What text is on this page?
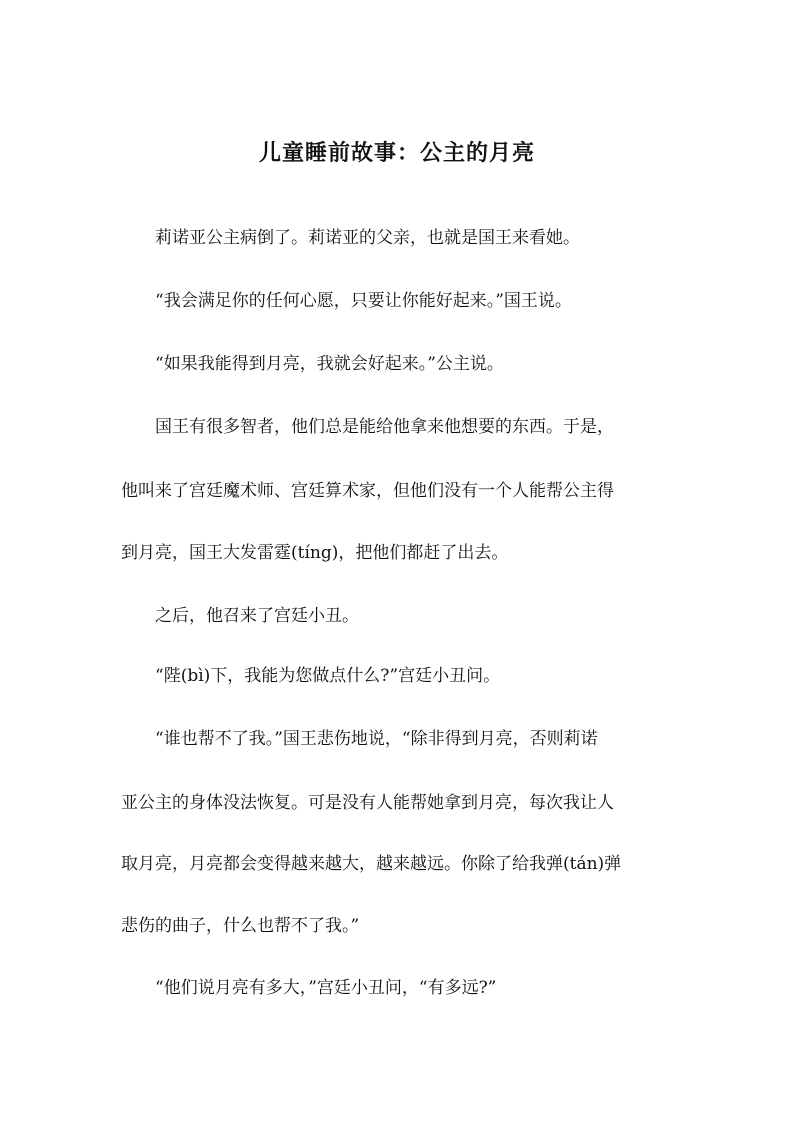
儿童睡前故事：公主的月亮
　　莉诺亚公主病倒了。莉诺亚的父亲，也就是国王来看她。
　　“我会满足你的任何心愿，只要让你能好起来。”国王说。
　　“如果我能得到月亮，我就会好起来。”公主说。
　　国王有很多智者，他们总是能给他拿来他想要的东西。于是，
他叫来了宫廷魔术师、宫廷算术家，但他们没有一个人能帮公主得
到月亮，国王大发雷霆(tíng)，把他们都赶了出去。
　　之后，他召来了宫廷小丑。
　　“陛(bì)下，我能为您做点什么?”宫廷小丑问。
　　“谁也帮不了我。”国王悲伤地说，“除非得到月亮，否则莉诺
亚公主的身体没法恢复。可是没有人能帮她拿到月亮，每次我让人
取月亮，月亮都会变得越来越大，越来越远。你除了给我弹(tán)弹
悲伤的曲子，什么也帮不了我。”
　　“他们说月亮有多大，”宫廷小丑问，“有多远?”
